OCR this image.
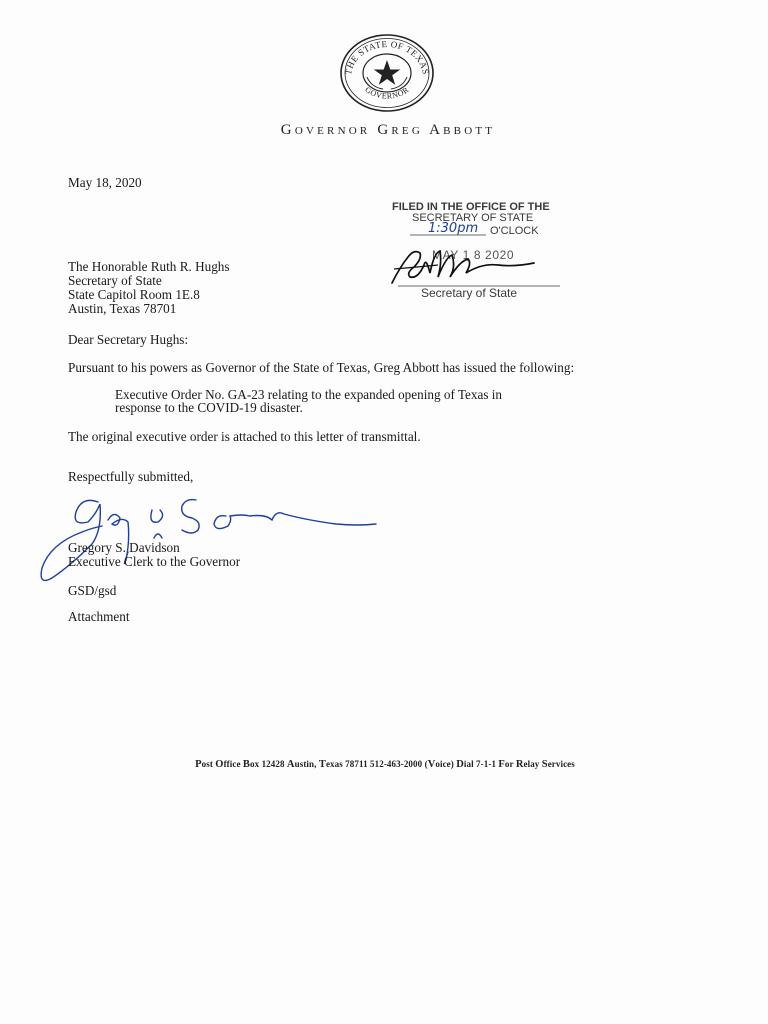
THE STATE OF TEXAS
GOVERNOR
Governor Greg Abbott
May 18, 2020
FILED IN THE OFFICE OF THE
SECRETARY OF STATE
1:30pm O'CLOCK
MAY 1 8 2020
Secretary of State
The Honorable Ruth R. Hughs
Secretary of State
State Capitol Room 1E.8
Austin, Texas 78701
Dear Secretary Hughs:
Pursuant to his powers as Governor of the State of Texas, Greg Abbott has issued the following:
Executive Order No. GA-23 relating to the expanded opening of Texas in
response to the COVID-19 disaster.
The original executive order is attached to this letter of transmittal.
Respectfully submitted,
Gregory S. Davidson
Executive Clerk to the Governor
GSD/gsd
Attachment
Post Office Box 12428 Austin, Texas 78711 512-463-2000 (Voice) Dial 7-1-1 For Relay Services
